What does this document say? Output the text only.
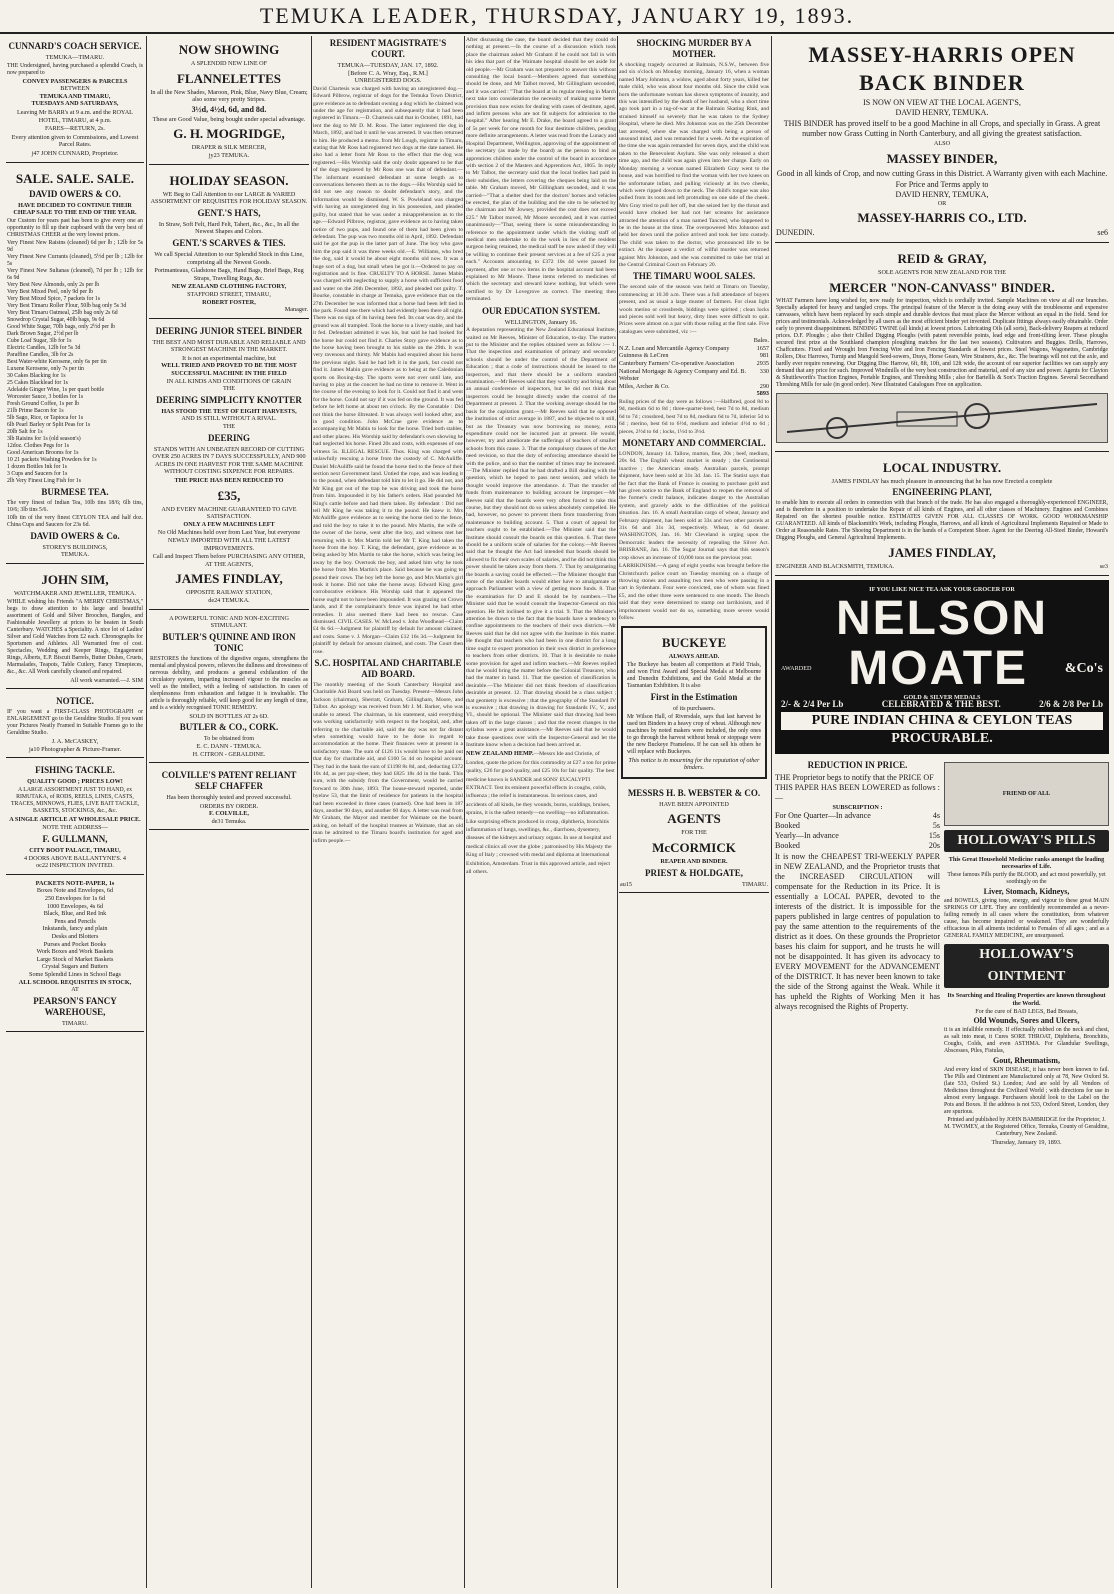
TEMUKA LEADER, THURSDAY, JANUARY 19, 1893.
CUNNARD'S COACH SERVICE.
TEMUKA—TIMARU.

THE Undersigned, having purchased a splendid Coach, is now prepared to

CONVEY PASSENGERS & PARCELS
BETWEEN
TEMUKA AND TIMARU,
TUESDAYS AND SATURDAYS,

Leaving Mr BARR's at 9 a.m. and the ROYAL HOTEL, TIMARU, at 4 p.m.

FARES—RETURN, 2s.

Every attention given to Commissions, and Lowest Parcel Rates.

j47 JOHN CUNNARD, Proprietor.
SALE. SALE. SALE.
DAVID OWERS & CO.

HAVE DECIDED TO CONTINUE THEIR CHEAP SALE TO THE END OF THE YEAR.

Our Custom for years past has been to give every one an opportunity to fill up their cupboard with the very best of CHRISTMAS CHEER at the very lowest prices.

Very Finest New Raisins (cleaned) 6d per lb ; 12lb for 5s 9d
Very Finest New Currants (cleaned), 5½d per lb ; 12lb for 5s
Very Finest New Sultanas (cleaned), 7d per lb ; 12lb for 6s 9d
Very Best New Almonds, only 2s per lb
Very Best Mixed Peel, only 9d per lb
Very Best Mixed Spice, 7 packets for 1s
Very Best Timaru Roller Flour, 50lb bag only 5s 3d
Very Best Timaru Oatmeal, 25lb bag only 2s 6d
Snowdrop Crystal Sugar, 40lb bags, 9s 6d
Good White Sugar, 70lb bags, only 2½d per lb
Dark Brown Sugar, 2½d per lb
Cube Loaf Sugar, 3lb for 1s
Electric Candles, 12lb for 5s 3d
Paraffine Candles, 3lb for 2s
Best Water-white Kerosene, only 6s per tin
Luxene Kerosene, only 7s per tin
30 Cakes Blacking for 1s
25 Cakes Blacklead for 1s
Adelaide Ginger Wine, 1s per quart bottle
Worcester Sauce, 3 bottles for 1s
Fresh Ground Coffee, 1s per lb
21lb Prime Bacon for 1s
5lb Sago, Rice, or Tapioca for 1s
6lb Pearl Barley or Split Peas for 1s
20lb Salt for 1s
3lb Raisins for 1s (old season's)
12doz. Clothes Pegs for 1s
Good American Brooms for 1s
10 21 packets Washing Powders for 1s
1 dozen Bottles Ink for 1s
3 Cups and Saucers for 1s
2lb Very Finest Ling Fish for 1s
BURMESE TEA.

The very finest of Indian Tea, 10lb tins 18/6; 6lb tins, 10/6; 3lb tins 5/6.

10lb tin of the very finest CEYLON TEA and half doz. China Cups and Saucers for 23s 6d.

DAVID OWERS & Co.
STOREY'S BUILDINGS,
TEMUKA.
JOHN SIM,
WATCHMAKER AND JEWELLER, TEMUKA.

WHILE wishing his Friends "A MERRY CHRISTMAS," begs to draw attention to his large and beautiful assortment of Gold and Silver Brooches, Bangles, and Fashionable Jewellery at prices to be beaten in South Canterbury. WATCHES a Speciality. A nice lot of Ladies' Silver and Gold Watches from £2 each. Chronographs for Sportsmen and Athletes. All Warranted free of cost. Spectacles, Wedding and Keeper Rings, Engagement Rings, Alberts, E.P. Biscuit Barrels, Butter Dishes, Cruets, Marmalades, Teapots, Table Cutlery, Fancy Timepieces, &c., &c. All Work carefully cleaned and repaired.

All work warranted.—J. SIM
NOTICE.

IF you want a FIRST-CLASS PHOTOGRAPH or ENLARGEMENT go to the Geraldine Studio. If you want your Pictures Neatly Framed in Suitable Frames go to the Geraldine Studio.

J. A. McCASKEY,
ja10 Photographer & Picture-Framer.
FISHING TACKLE.
QUALITY GOOD ; PRICES LOW!

A LARGE ASSORTMENT JUST TO HAND, ex RIMUTAKA, of RODS, REELS, LINES, CASTS, TRACES, MINNOWS, FLIES, LIVE BAIT TACKLE, BASKETS, STOCKINGS, &c., &c.

A SINGLE ARTICLE AT WHOLESALE PRICE.

NOTE THE ADDRESS—
F. GULLMANN,
CITY BOOT PALACE, TIMARU,
4 DOORS ABOVE BALLANTYNE'S. 4
oc22 INSPECTION INVITED.
PACKETS NOTE-PAPER, 1s
Boxes Note and Envelopes, 6d
250 Envelopes for 1s 6d
1000 Envelopes, 4s 6d
Black, Blue, and Red Ink
Pens and Pencils
Inkstands, fancy and plain
Desks and Blotters
Purses and Pocket Books
Work Boxes and Work Baskets
Large Stock of Market Baskets
Crystal Sugars and Butters
Some Splendid Lines in School Bags
ALL SCHOOL REQUISITES IN STOCK,
AT
PEARSON'S FANCY WAREHOUSE,
TIMARU.
NOW SHOWING
A SPLENDID NEW LINE OF
FLANNELETTES

In all the New Shades, Maroon, Pink, Blue, Navy Blue, Cream; also some very pretty Stripes.

3½d, 4½d, 6d, and 8d.

These are Good Value, being bought under special advantage.

G. H. MOGRIDGE,
DRAPER & SILK MERCER,
jy23 TEMUKA.
HOLIDAY SEASON.

WE Beg to Call Attention to our LARGE & VARIED ASSORTMENT OF REQUISITES FOR HOLIDAY SEASON.

GENT.'S HATS,

In Straw, Soft Felt, Hard Felt, Taheri, &c., &c., In all the Newest Shapes and Colors.

GENT.'S SCARVES & TIES.

We call Special Attention to our Splendid Stock in this Line, comprising all the Newest Goods.

Portmanteaus, Gladstone Bags, Hand Bags, Brief Bags, Rug Straps, Travelling Rugs, &c.

NEW ZEALAND CLOTHING FACTORY,
STAFFORD STREET, TIMARU,
ROBERT FOSTER,
Manager.
DEERING JUNIOR STEEL BINDER

THE BEST AND MOST DURABLE AND RELIABLE AND STRONGEST MACHINE IN THE MARKET.

It is not an experimental machine, but
WELL TRIED AND PROVED TO BE THE MOST SUCCESSFUL MACHINE IN THE FIELD
IN ALL KINDS AND CONDITIONS OF GRAIN
THE
DEERING SIMPLICITY KNOTTER
HAS STOOD THE TEST OF EIGHT HARVESTS,
AND IS STILL WITHOUT A RIVAL.
THE
DEERING

STANDS WITH AN UNBEATEN RECORD OF CUTTING OVER 250 ACRES IN 7 DAYS SUCCESSFULLY, AND 900 ACRES IN ONE HARVEST FOR THE SAME MACHINE WITHOUT COSTING SIXPENCE FOR REPAIRS.

THE PRICE HAS BEEN REDUCED TO
£35,
AND EVERY MACHINE GUARANTEED TO GIVE SATISFACTION.
ONLY A FEW MACHINES LEFT

No Old Machines held over from Last Year, but everyone NEWLY IMPORTED WITH ALL THE LATEST IMPROVEMENTS.

Call and Inspect Them before PURCHASING ANY OTHER, AT THE AGENTS,

JAMES FINDLAY,
OPPOSITE RAILWAY STATION,
de24 TEMUKA.
A POWERFUL TONIC AND NON-EXCITING STIMULANT.
BUTLER'S QUININE AND IRON TONIC

RESTORES the functions of the digestive organs, strengthens the mental and physical powers, relieves the dullness and drowsiness of nervous debility, and produces a general exhilaration of the circulatory system, imparting increased vigour to the muscles as well as the intellect, with a feeling of satisfaction. In cases of sleeplessness from exhaustion and fatigue it is invaluable. The article is thoroughly reliable, will keep good for any length of time, and is a widely recognised TONIC REMEDY.

SOLD IN BOTTLES AT 2s 6D.
BUTLER & CO., CORK.
To be obtained from
E. C. DANN - TEMUKA.
H. CITRON - GERALDINE.
COLVILLE'S PATENT RELIANT SELF CHAFFER

Has been thoroughly tested and proved successful.

ORDERS BY ORDER.
F. COLVILLE,
de31 Temuka.
RESIDENT MAGISTRATE'S COURT.
TEMUKA—TUESDAY, JAN. 17, 1892.
[Before C. A. Wray, Esq., R.M.]
UNREGISTERED DOGS.

David Chartesis was charged with having an unregistered dog.—Edward Pilbrow, registrar of dogs for the Temuka Town District, gave evidence as to defendant owning a dog which he claimed was under the age for registration, and subsequently that it had been registered in Timaru.—D. Chartesis said that in October, 1891, had lent the dog to Mr D. M. Ross. The latter registered the dog in March, 1892, and had it until he was arrested. It was then returned to him. He produced a memo. from Mr Lough, registrar in Timaru, stating that Mr Ross had registered two dogs at the date named. He also had a letter from Mr Ross to the effect that the dog was registered.—His Worship said the only doubt appeared to be that of the dogs registered by Mr Ross one was that of defendant.—The informant examined defendant at some length as to conversations between them as to the dogs.—His Worship said he did not see any reason to doubt defendant's story, and the information would be dismissed. W. S. Powleland was charged with having an unregistered dog in his possession, and pleaded guilty, but stated that he was under a misapprehension as to the age.—Edward Pilbrow, registrar, gave evidence as to having taken notice of two pups, and found one of them had been given to defendant. The pup was two months old in April, 1892. Defendant said he got the pup in the latter part of June. The boy who gave him the pup said it was three weeks old.—E. Williams, who bred the dog, said it would be about eight months old now. It was a huge sort of a dog, but small when he got it.—Ordered to pay on registration and 1s fine. CRUELTY TO A HORSE. James Mabin was charged with neglecting to supply a horse with sufficient food and water on the 26th December, 1892, and pleaded not guilty. T. Bourke, constable in charge at Temuka, gave evidence that on the 27th December he was informed that a horse had been left tied in the park. Found one there which had evidently been there all night. There was no sign of its having been fed. Its coat was dry, and the ground was all trampled. Took the horse to a livery stable, and had it fed. Defendant admitted it was his, but said he had looked for the horse but could not find it. Charles Story gave evidence as to the horse having been brought to his stable on the 29th. It was very ravenous and thirsty. Mr Mabin had enquired about his horse the previous night. Said he had left it in the park, but could not find it. James Mabin gave evidence as to being at the Caledonian sports on Boxing-day. The sports were not over until late, and having to play at the concert he had no time to remove it. Went in the course of the evening to look for it. Could not find it and went for the horse. Could not say if it was fed on the ground. It was fed before he left home at about ten o'clock. By the Constable : Did not think the horse illtreated. It was always well looked after, and in good condition. John McCrae gave evidence as to accompanying Mr Mabin to look for the horse. Tried both stables, and other places. His Worship said by defendant's own showing he had neglected his horse. Fined 20s and costs, with expenses of one witness 5s. ILLEGAL RESCUE. Thos. King was charged with unlawfully rescuing a horse from the custody of C. McAuliffe. Daniel McAuliffe said he found the horse tied to the fence of their section next Government land. Untied the rope, and was leading it to the pound, when defendant told him to let it go. He did not, and Mr King got out of the trap he was driving and took the horse from him. Impounded it by his father's orders. Had pounded Mr King's cattle before and had them taken. By defendant : Did not tell Mr King he was taking it to the pound. He knew it. Mrs McAuliffe gave evidence as to seeing the horse tied to the fence, and told the boy to take it to the pound. Mrs Martin, the wife of the owner of the horse, went after the boy, and witness met her returning with it. Mrs Martin told her Mr T. King had taken the horse from the boy. T. King, the defendant, gave evidence as to being asked by Mrs Martin to take the horse, which was being led away by the boy. Overtook the boy, and asked him why he took the horse from Mrs Martin's place. Said because he was going to pound their cows. The boy left the horse go, and Mrs Martin's girl took it home. Did not take the horse away. Edward King gave corroborative evidence. His Worship said that it appeared the horse ought not to have been impounded. It was grazing on Crown lands, and if the complainant's fence was injured he had other remedies. It also seemed there had been no rescue. Case dismissed. CIVIL CASES. W. McLeod v. John Woodhead—Claim £4 0s 6d.—Judgment for plaintiff by default for amount claimed, and costs. Same v. J. Morgan—Claim £12 16s 3d.—Judgment for plaintiff by default for amount claimed, and costs. The Court then rose.

S.C. HOSPITAL AND CHARITABLE AID BOARD.

The monthly meeting of the South Canterbury Hospital and Charitable Aid Board was held on Tuesday. Present—Messrs John Jackson (chairman), Sherratt, Graham, Gillingham, Moore, and Talbot. An apology was received from Mr J. M. Barker, who was unable to attend. The chairman, in his statement, said everything was working satisfactorily with respect to the hospital, and, after referring to the charitable aid, said the day was not far distant when something would have to be done in regard to accommodation at the home. Their finances were at present in a satisfactory state. The sum of £126 11s would have to be paid out that day for charitable aid, and £160 5s 4d on hospital account. They had in the bank the sum of £1198 8s 8d, and, deducting £372 10s 4d, as per pay-sheet, they had £825 18s 4d in the bank. This sum, with the subsidy from the Government, would be carried forward to 30th June, 1893. The house-steward reported, under byelaw 53, that the limit of residence for patients in the hospital had been exceeded in three cases (named). One had been in 187 days, another 90 days, and another 60 days. A letter was read from Mr Graham, the Mayor and member for Waimate on the board, asking, on behalf of the hospital trustees at Waimate, that an old man be admitted to the Timaru board's institution for aged and infirm people.—

After discussing the case, the board decided that they could do nothing at present.—In the course of a discussion which took place the chairman asked Mr Graham if he could not fall in with his idea that part of the Waimate hospital should be set aside for old people.—Mr Graham was not prepared to answer this without consulting the local board.—Members agreed that something should be done, and Mr Talbot moved, Mr Gillingham seconded, and it was carried : "That the board at its regular meeting in March next take into consideration the necessity of making some better provision than now exists for dealing with cases of destitute, aged, and infirm persons who are not fit subjects for admission to the hospital." After hearing Mr E. Drake, the board agreed to a grant of 5s per week for one month for four destitute children, pending more definite arrangements. A letter was read from the Lunacy and Hospital Department, Wellington, approving of the appointment of the secretary (as made by the board) as the person to bind as apprentices children under the control of the board in accordance with section 2 of the Masters and Apprentices Act, 1865. In reply to Mr Talbot, the secretary said that the local bodies had paid in their subsidies, the letters covering the cheques being laid on the table. Mr Graham moved, Mr Gillingham seconded, and it was carried—"That a shelter shed for the doctors' horses and vehicles be erected, the plan of the building and the site to be selected by the chairman and Mr Jowsey, provided the cost does not exceed £25." Mr Talbot moved, Mr Moore seconded, and it was carried unanimously—"That, seeing there is some misunderstanding in reference to the appointment under which the visiting staff of medical men undertake to do the work in lieu of the resident surgeon being retained, the medical staff be now asked if they will be willing to continue their present services at a fee of £25 a year each." Accounts amounting to £372 10s 4d were passed for payment, after one or two items in the hospital account had been explained to Mr Moore. These items referred to medicines of which the secretary and steward knew nothing, but which were certified to by Dr Lovegrove as correct. The meeting then terminated.

OUR EDUCATION SYSTEM.
WELLINGTON, January 16.

A deputation representing the New Zealand Educational Institute, waited on Mr Reeves, Minister of Education, to-day. The matters put to the Minister and the replies obtained were as follow :— 1. That the inspection and examination of primary and secondary schools should be under the control of the Department of Education ; that a code of instructions should be issued to the inspectors, and that there should be a uniform standard examination.—Mr Reeves said that they would try and bring about an annual conference of inspectors, but he did not think that inspectors could be brought directly under the control of the Department at present. 2. That the working average should be the basis for the capitation grant.—Mr Reeves said that he opposed the institution of strict average in 1887, and he objected to it still, but as the Treasury was now borrowing no money, extra expenditure could not be incurred just at present. He would, however, try and ameliorate the sufferings of teachers of smaller schools from this cause. 3. That the compulsory clauses of the Act need revision, so that the duty of enforcing attendance should be with the police, and so that the number of times may be increased.—The Minister replied that he had drafted a Bill dealing with the question, which he hoped to pass next session, and which he thought would improve the attendance. 4. That the transfer of funds from maintenance to building account be improper.—Mr Reeves said that the boards were very often forced to take this course, but they should not do so unless absolutely compelled. He had, however, no power to prevent them from transferring from maintenance to building account. 5. That a court of appeal for teachers ought to be established.—The Minister said that the Institute should consult the boards on this question. 6. That there should be a uniform scale of salaries for the colony.—Mr Reeves said that he thought the Act had intended that boards should be allowed to fix their own scales of salaries, and he did not think this power should be taken away from them. 7. That by amalgamating the boards a saving could be effected.—The Minister thought that some of the smaller boards would either have to amalgamate or approach Parliament with a view of getting more funds. 8. That the examination for D and E should be by numbers.—The Minister said that he would consult the Inspector-General on this question. He felt inclined to give it a trial. 9. That the Minister's attention be drawn to the fact that the boards have a tendency to confine appointments to the teachers of their own districts.—Mr Reeves said that he did not agree with the Institute in this matter. He thought that teachers who had been in one district for a long time ought to expect promotion in their own district in preference to teachers from other districts. 10. That it is desirable to make some provision for aged and infirm teachers.—Mr Reeves replied that he would bring the matter before the Colonial Treasurer, who had the matter in hand. 11. That the question of classification is desirable.—The Minister did not think freedom of classification desirable at present. 12. That drawing should be a class subject ; that geometry is excessive ; that the geography of the Standard IV is excessive ; that drawing in drawing for Standards IV., V., and VI., should be optional. The Minister said that drawing had been taken off in the large classes ; and that the recent changes in the syllabus were a great assistance.—Mr Reeves said that he would take those questions over with the Inspector-General and let the Institute know when a decision had been arrived at.

NEW ZEALAND HEMP.—Messrs Ide and Christie, of London, quote the prices for this commodity at £27 a ton for prime quality, £26 for good quality, and £25 10s for fair quality. The best medicine known is SANDER and SONS' EUCALYPTI EXTRACT. Test its eminent powerful effects in coughs, colds, influenza ; the relief is instantaneous. In serious cases, and accidents of all kinds, be they wounds, burns, scaldings, bruises, sprains, it is the safest remedy—no swelling—no inflammation. Like surprising effects produced in croup, diphtheria, bronchitis inflammation of lungs, swellings, &c., diarrhoea, dysentery, diseases of the kidneys and urinary organs. In use at hospital and medical clinics all over the globe ; patronised by His Majesty the King of Italy ; crowned with medal and diploma at International Exhibition, Amsterdam. Trust in this approved article, and reject all others.
SHOCKING MURDER BY A MOTHER.

A shocking tragedy occurred at Balmain, N.S.W., between five and six o'clock on Monday morning, January 16, when a woman named Mary Johnston, a widow, aged about forty years, killed her male child, who was about four months old. Since the child was born the unfortunate woman has shown symptoms of insanity, and this was intensified by the death of her husband, who a short time ago took part in a tug-of-war at the Balmain Skating Rink, and strained himself so severely that he was taken to the Sydney Hospital, where he died. Mrs Johnston was on the 25th December last arrested, where she was charged with being a person of unsound mind, and was remanded for a week. At the expiration of the time she was again remanded for seven days, and the child was taken to the Benevolent Asylum. She was only released a short time ago, and the child was again given into her charge. Early on Monday morning a woman named Elizabeth Gray went to the house, and was horrified to find the woman with her two knees on the unfortunate infant, and pulling viciously at its two cheeks, which were ripped down to the neck. The child's tongue was also pulled from its roots and left protruding on one side of the cheek. Mrs Gray tried to pull her off, but she seized her by the throat and would have choked her had not her screams for assistance attracted the attention of a man named Tancred, who happened to be in the house at the time. The overpowered Mrs Johnston and held her down until the police arrived and took her into custody. The child was taken to the doctor, who pronounced life to be extinct. At the inquest a verdict of wilful murder was returned against Mrs Johnston, and she was committed to take her trial at the Central Criminal Court on February 20.

THE TIMARU WOOL SALES.

The second sale of the season was held at Timaru on Tuesday, commencing at 10.30 a.m. There was a full attendance of buyers present, and as usual a large muster of farmers. For clean light wools merino or crossbreds, biddings were spirited ; clean locks and pieces sold well but heavy, dirty lines were difficult to quit. Prices were almost on a par with those ruling at the first sale. Five catalogues were submitted, viz :—

Bales.
N.Z. Loan and Mercantile Agency Company	1657
Guinness & LeCren	981
Canterbury Farmers' Co-operative Association	2935
National Mortgage & Agency Company and Ed. B. Webster
330
Miles, Archer & Co.	290
5893

Ruling prices of the day were as follows :—Halfbred, good 8d to 9d, medium 6d to 8d ; three-quarter-bred, best 7d to 8d, medium 6d to 7d ; crossbred, best 7d to 8d, medium 6d to 7d, inferior 5d to 6d ; merino, best 6d to 6½d, medium and inferior 4½d to 6d ; pieces, 2½d to 6d ; locks, 1½d to 3½d.

MONETARY AND COMMERCIAL.

LONDON, January 14. Tallow, mutton, fine, 20s ; beef, medium, 20s 6d. The English wheat market is steady ; the Continental inactive ; the American steady. Australian parcels, prompt shipment, have been sold at 31s 3d. Jan. 15. The Statist says that the fact that the Bank of France is ceasing to purchase gold and has given notice to the Bank of England to reopen the removal of the former's credit balance, indicates danger to the Australian system, and gravely adds to the difficulties of the political situation. Jan. 16. A small Australian cargo of wheat, January and February shipment, has been sold at 33s and two other parcels at 31s 6d and 31s 3d, respectively. Wheat, is 6d dearer. WASHINGTON, Jan. 16. Mr Cleveland is urging upon the Democratic leaders the necessity of repealing the Silver Act. BRISBANE, Jan. 16. The Sugar Journal says that this season's crop shows an increase of 10,000 tons on the previous year.

LARRIKINISM.—A gang of eight youths was brought before the Christchurch police court on Tuesday morning on a charge of throwing stones and assaulting two men who were passing in a cart in Sydenham. Four were convicted, one of whom was fined £5, and the other three were sentenced to one month. The Bench said that they were determined to stamp out larrikinism, and if imprisonment would not do so, something more severe would follow.

BUCKEYE
ALWAYS AHEAD.

The Buckeye has beaten all competitors at Field Trials, and won First Award and Special Medals at Melbourne and Dunedin Exhibitions, and the Gold Medal at the Tasmanian Exhibition. It is also

First in the Estimation
of its purchasers.

Mr Wilson Hall, of Riversdale, says that last harvest he used ten Binders in a heavy crop of wheat. Although new machines by noted makers were included, the only ones to go through the harvest without break or stoppage were the new Buckeye Frameless. If he can sell his others he will replace with Buckeyes.

This notice is in mourning for the reputation of other binders.

MESSRS H. B. WEBSTER & CO.
HAVE BEEN APPOINTED
AGENTS
FOR THE
McCORMICK
REAPER AND BINDER.
PRIEST & HOLDGATE,
au15	TIMARU.
MASSEY-HARRIS OPEN
BACK BINDER
IS NOW ON VIEW AT THE LOCAL AGENT'S,
DAVID HENRY, TEMUKA.

THIS BINDER has proved itself to be a good Machine in all Crops, and specially in Grass. A great number now Grass Cutting in North Canterbury, and all giving the greatest satisfaction.

ALSO
MASSEY BINDER,

Good in all kinds of Crop, and now cutting Grass in this District. A Warranty given with each Machine.

For Price and Terms apply to
DAVID HENRY, TEMUKA,
OR
MASSEY-HARRIS CO., LTD.
DUNEDIN.	se6
REID & GRAY,
SOLE AGENTS FOR NEW ZEALAND FOR THE
MERCER "NON-CANVASS" BINDER.

WHAT Farmers have long wished for, now ready for inspection, which is cordially invited. Sample Machines on view at all our branches. Specially adapted for heavy and tangled crops. The principal feature of the Mercer is the doing away with the troublesome and expensive canvasses, which have been replaced by such simple and durable devices that must place the Mercer without an equal in the field. Send for prices and testimonials. Acknowledged by all users as the most efficient binder yet invented. Duplicate fittings always easily obtainable. Order early to prevent disappointment. BINDING TWINE (all kinds) at lowest prices. Lubricating Oils (all sorts), Back-delivery Reapers at reduced prices. D.F. Ploughs ; also their Chilled Digging Ploughs (with patent reversible points, lead edge and front-tilting lever. These ploughs secured first prize at the Southland champion ploughing matches for the last two seasons). Cultivators and Buggies. Drills, Harrows, Chaffcutters. Fixed and Wrought Iron Fencing Wire and Iron Fencing Standards at lowest prices. Steel Wagons, Wagonettes, Cambridge Rollers, Disc Harrows, Turnip and Mangold Seed-sowers, Drays, Horse Gears, Wire Strainers, &c., &c. The bearings will not cut the axle, and hardly ever require renewing. Our Digging Disc Harrow, 6ft, 8ft, 10ft, and 12ft wide, the account of our superior facilities we can supply any demand that any price for such. Improved Windmills of the very best construction and material, and of any size and power. Agents for Clayton & Shuttleworth's Traction Engines, Portable Engines, and Threshing Mills ; also for Bartellls & Son's Traction Engines. Several Secondhand Threshing Mills for sale (in good order). New Illustrated Catalogues Free on application.

LOCAL INDUSTRY.
JAMES FINDLAY has much pleasure in announcing that he has now Erected a complete
ENGINEERING PLANT,

to enable him to execute all orders in connection with that branch of the trade. He has also engaged a thoroughly-experienced ENGINEER, and is therefore in a position to undertake the Repair of all kinds of Engines, and all other classes of Machinery. Engines and Combines Repaired on the shortest possible notice. ESTIMATES GIVEN FOR ALL CLASSES OF WORK. GOOD WORKMANSHIP GUARANTEED. All kinds of Blacksmith's Work, including Ploughs, Harrows, and all kinds of Agricultural Implements Repaired or Made to Order at Reasonable Rates. The Shoeing Department is in the hands of a Competent Shoer. Agent for the Deering All-Steel Binder, Howard's Digging Ploughs, and General Agricultural Implements.

JAMES FINDLAY,
ENGINEER AND BLACKSMITH, TEMUKA.	se3
IF YOU LIKE NICE TEA ASK YOUR GROCER FOR
NELSON
AWARDED MOATE	&Co's
GOLD & SILVER MEDALS
2/- & 2/4 Per Lb	CELEBRATED & THE BEST.	2/6 & 2/8 Per Lb
PURE INDIAN CHINA & CEYLON TEAS
PROCURABLE.
REDUCTION IN PRICE.

THE Proprietor begs to notify that the PRICE OF THIS PAPER HAS BEEN LOWERED as follows :—

SUBSCRIPTION :
For One Quarter—In advance	4s
Booked	5s
Yearly—In advance	15s
Booked	20s

It is now the CHEAPEST TRI-WEEKLY PAPER in NEW ZEALAND, and the Proprietor trusts that the INCREASED CIRCULATION will compensate for the Reduction in its Price. It is essentially a LOCAL PAPER, devoted to the interests of the district. It is impossible for the papers published in large centres of population to pay the same attention to the requirements of the district as it does. On these grounds the Proprietor bases his claim for support, and he trusts he will not be disappointed. It has given its advocacy to EVERY MOVEMENT for the ADVANCEMENT of the DISTRICT. It has never been known to take the side of the Strong against the Weak. While it has upheld the Rights of Working Men it has always recognised the Rights of Property.

FRIEND OF ALL
HOLLOWAY'S PILLS

This Great Household Medicine ranks amongst the leading necessaries of Life.

These famous Pills purify the BLOOD, and act most powerfully, yet soothingly on the

Liver, Stomach, Kidneys,

and BOWELS, giving tone, energy, and vigour to these great MAIN SPRINGS OF LIFE. They are confidently recommended as a never-failing remedy in all cases where the constitution, from whatever cause, has become impaired or weakened. They are wonderfully efficacious in all ailments incidental to Females of all ages ; and as a GENERAL FAMILY MEDICINE, are unsurpassed.

HOLLOWAY'S OINTMENT

Its Searching and Healing Properties are known throughout the World.

For the cure of BAD LEGS, Bad Breasts,
Old Wounds, Sores and Ulcers,

it is an infallible remedy. If effectually rubbed on the neck and chest, as salt into meat, it Cures SORE THROAT, Diphtheria, Bronchitis, Coughs, Colds, and even ASTHMA. For Glandular Swellings, Abscesses, Piles, Fistulas,

Gout, Rheumatism,

And every kind of SKIN DISEASE, it has never been known to fail. The Pills and Ointment are Manufactured only at 78, New Oxford St. (late 533, Oxford St.) London; And are sold by all Vendors of Medicines throughout the Civilized World ; with directions for use in almost every language. Purchasers should look to the Label on the Pots and Boxes. If the address is not 533, Oxford Street, London, they are spurious.

Printed and published by JOHN BAMBRIDGE for the Proprietor, J. M. TWOMEY, at the Registered Office, Temuka, County of Geraldine, Canterbury, New Zealand.

Thursday, January 19, 1893.
